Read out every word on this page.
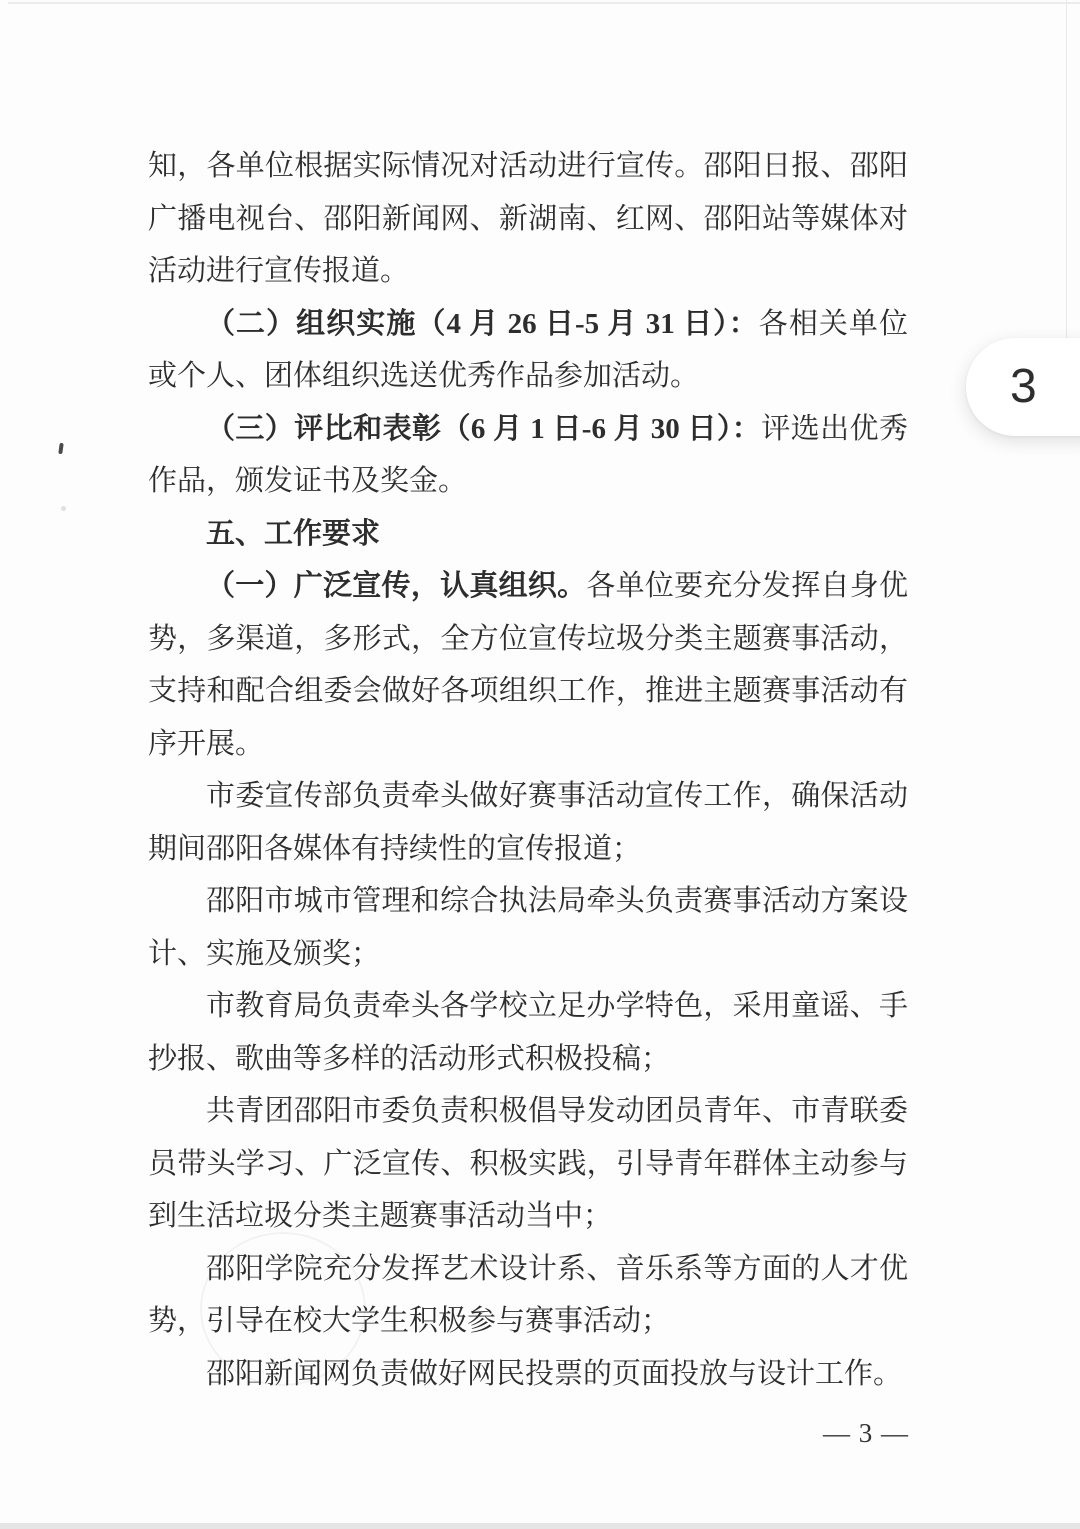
知，各单位根据实际情况对活动进行宣传。邵阳日报、邵阳广播电视台、邵阳新闻网、新湖南、红网、邵阳站等媒体对活动进行宣传报道。

（二）组织实施（4 月 26 日-5 月 31 日）：各相关单位或个人、团体组织选送优秀作品参加活动。

（三）评比和表彰（6 月 1 日-6 月 30 日）：评选出优秀作品，颁发证书及奖金。

五、工作要求

（一）广泛宣传，认真组织。各单位要充分发挥自身优势，多渠道，多形式，全方位宣传垃圾分类主题赛事活动，支持和配合组委会做好各项组织工作，推进主题赛事活动有序开展。

市委宣传部负责牵头做好赛事活动宣传工作，确保活动期间邵阳各媒体有持续性的宣传报道；

邵阳市城市管理和综合执法局牵头负责赛事活动方案设计、实施及颁奖；

市教育局负责牵头各学校立足办学特色，采用童谣、手抄报、歌曲等多样的活动形式积极投稿；

共青团邵阳市委负责积极倡导发动团员青年、市青联委员带头学习、广泛宣传、积极实践，引导青年群体主动参与到生活垃圾分类主题赛事活动当中；

邵阳学院充分发挥艺术设计系、音乐系等方面的人才优势，引导在校大学生积极参与赛事活动；

邵阳新闻网负责做好网民投票的页面投放与设计工作。

— 3 —
3
